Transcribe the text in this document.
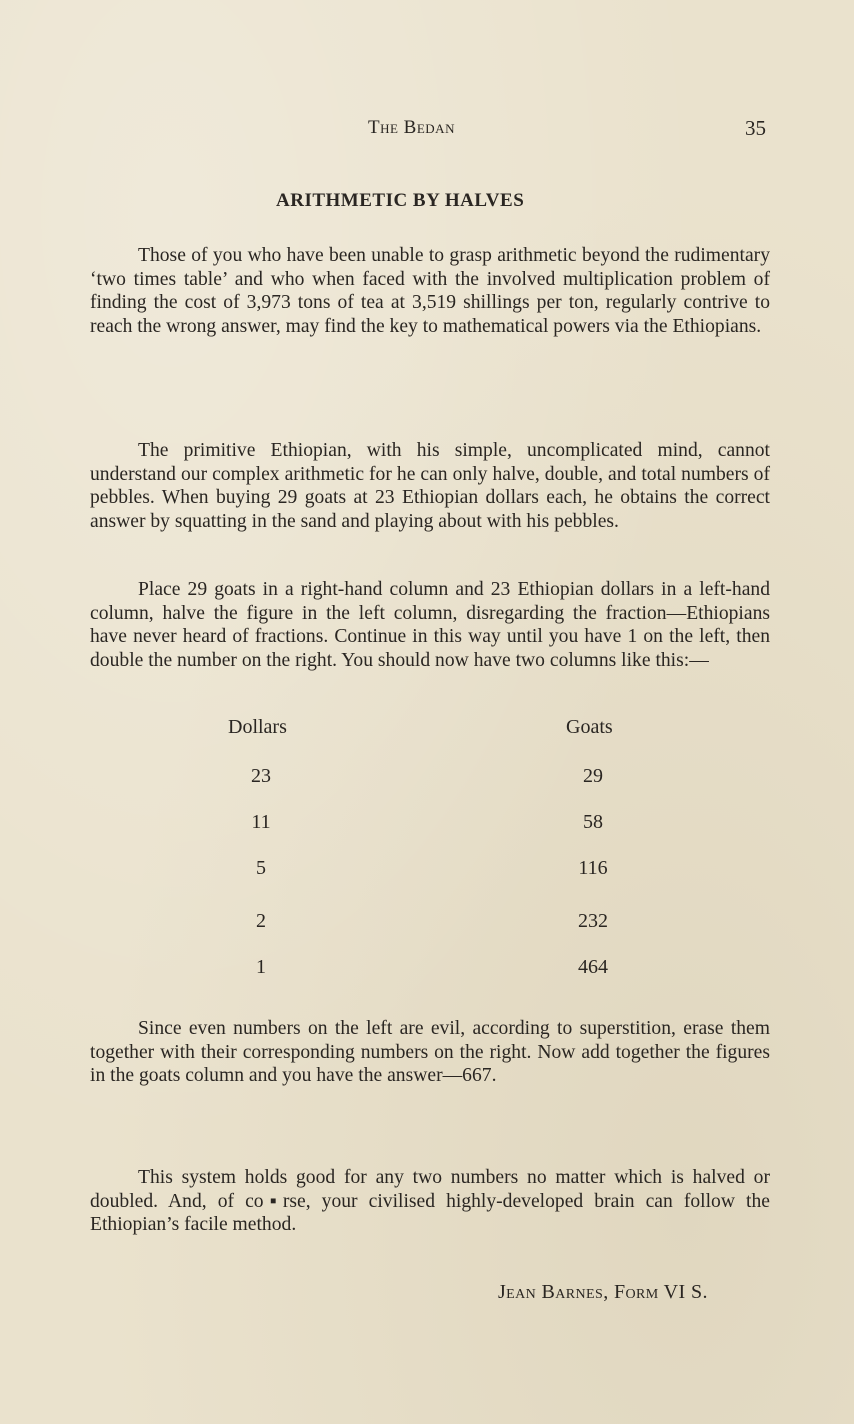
The Bedan	35
ARITHMETIC BY HALVES

Those of you who have been unable to grasp arithmetic beyond the rudimentary ‘two times table’ and who when faced with the involved multiplication problem of finding the cost of 3,973 tons of tea at 3,519 shillings per ton, regularly contrive to reach the wrong answer, may find the key to mathematical powers via the Ethiopians.

The primitive Ethiopian, with his simple, uncomplicated mind, cannot understand our complex arithmetic for he can only halve, double, and total numbers of pebbles. When buying 29 goats at 23 Ethiopian dollars each, he obtains the correct answer by squatting in the sand and playing about with his pebbles.

Place 29 goats in a right-hand column and 23 Ethiopian dollars in a left-hand column, halve the figure in the left column, disregarding the fraction—Ethiopians have never heard of fractions. Continue in this way until you have 1 on the left, then double the number on the right. You should now have two columns like this:—

Dollars	Goats
23	29
11	58
5	116
2	232
1	464

Since even numbers on the left are evil, according to superstition, erase them together with their corresponding numbers on the right. Now add together the figures in the goats column and you have the answer—667.

This system holds good for any two numbers no matter which is halved or doubled. And, of co▪rse, your civilised highly-developed brain can follow the Ethiopian’s facile method.

Jean Barnes, Form VI S.
